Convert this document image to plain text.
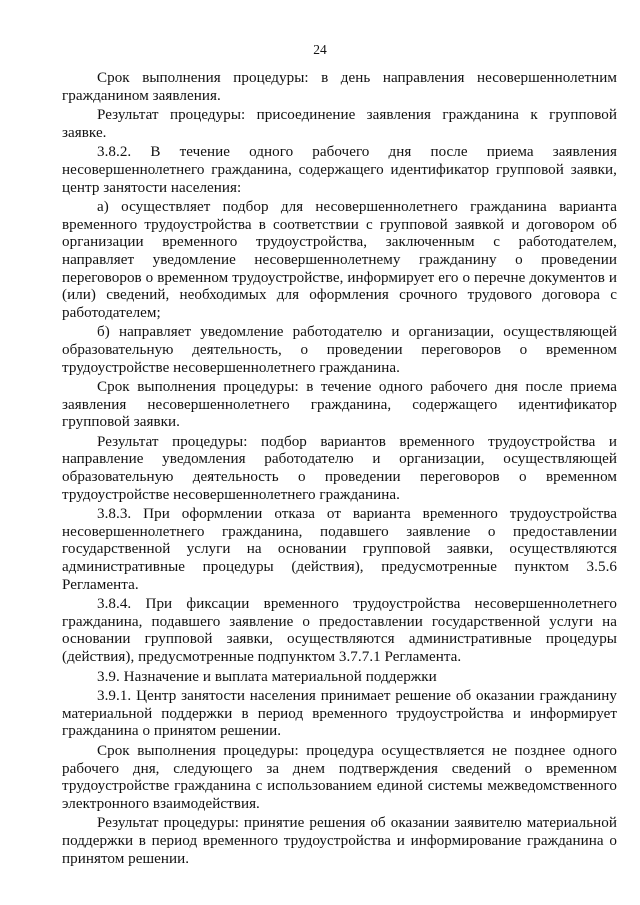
24

Срок выполнения процедуры: в день направления несовершеннолетним гражданином заявления.

Результат процедуры: присоединение заявления гражданина к групповой заявке.

3.8.2. В течение одного рабочего дня после приема заявления несовершеннолетнего гражданина, содержащего идентификатор групповой заявки, центр занятости населения:

а) осуществляет подбор для несовершеннолетнего гражданина варианта временного трудоустройства в соответствии с групповой заявкой и договором об организации временного трудоустройства, заключенным с работодателем, направляет уведомление несовершеннолетнему гражданину о проведении переговоров о временном трудоустройстве, информирует его о перечне документов и (или) сведений, необходимых для оформления срочного трудового договора с работодателем;

б) направляет уведомление работодателю и организации, осуществляющей образовательную деятельность, о проведении переговоров о временном трудоустройстве несовершеннолетнего гражданина.

Срок выполнения процедуры: в течение одного рабочего дня после приема заявления несовершеннолетнего гражданина, содержащего идентификатор групповой заявки.

Результат процедуры: подбор вариантов временного трудоустройства и направление уведомления работодателю и организации, осуществляющей образовательную деятельность о проведении переговоров о временном трудоустройстве несовершеннолетнего гражданина.

3.8.3. При оформлении отказа от варианта временного трудоустройства несовершеннолетнего гражданина, подавшего заявление о предоставлении государственной услуги на основании групповой заявки, осуществляются административные процедуры (действия), предусмотренные пунктом 3.5.6 Регламента.

3.8.4. При фиксации временного трудоустройства несовершеннолетнего гражданина, подавшего заявление о предоставлении государственной услуги на основании групповой заявки, осуществляются административные процедуры (действия), предусмотренные подпунктом 3.7.7.1 Регламента.

3.9. Назначение и выплата материальной поддержки

3.9.1. Центр занятости населения принимает решение об оказании гражданину материальной поддержки в период временного трудоустройства и информирует гражданина о принятом решении.

Срок выполнения процедуры: процедура осуществляется не позднее одного рабочего дня, следующего за днем подтверждения сведений о временном трудоустройстве гражданина с использованием единой системы межведомственного электронного взаимодействия.

Результат процедуры: принятие решения об оказании заявителю материальной поддержки в период временного трудоустройства и информирование гражданина о принятом решении.
